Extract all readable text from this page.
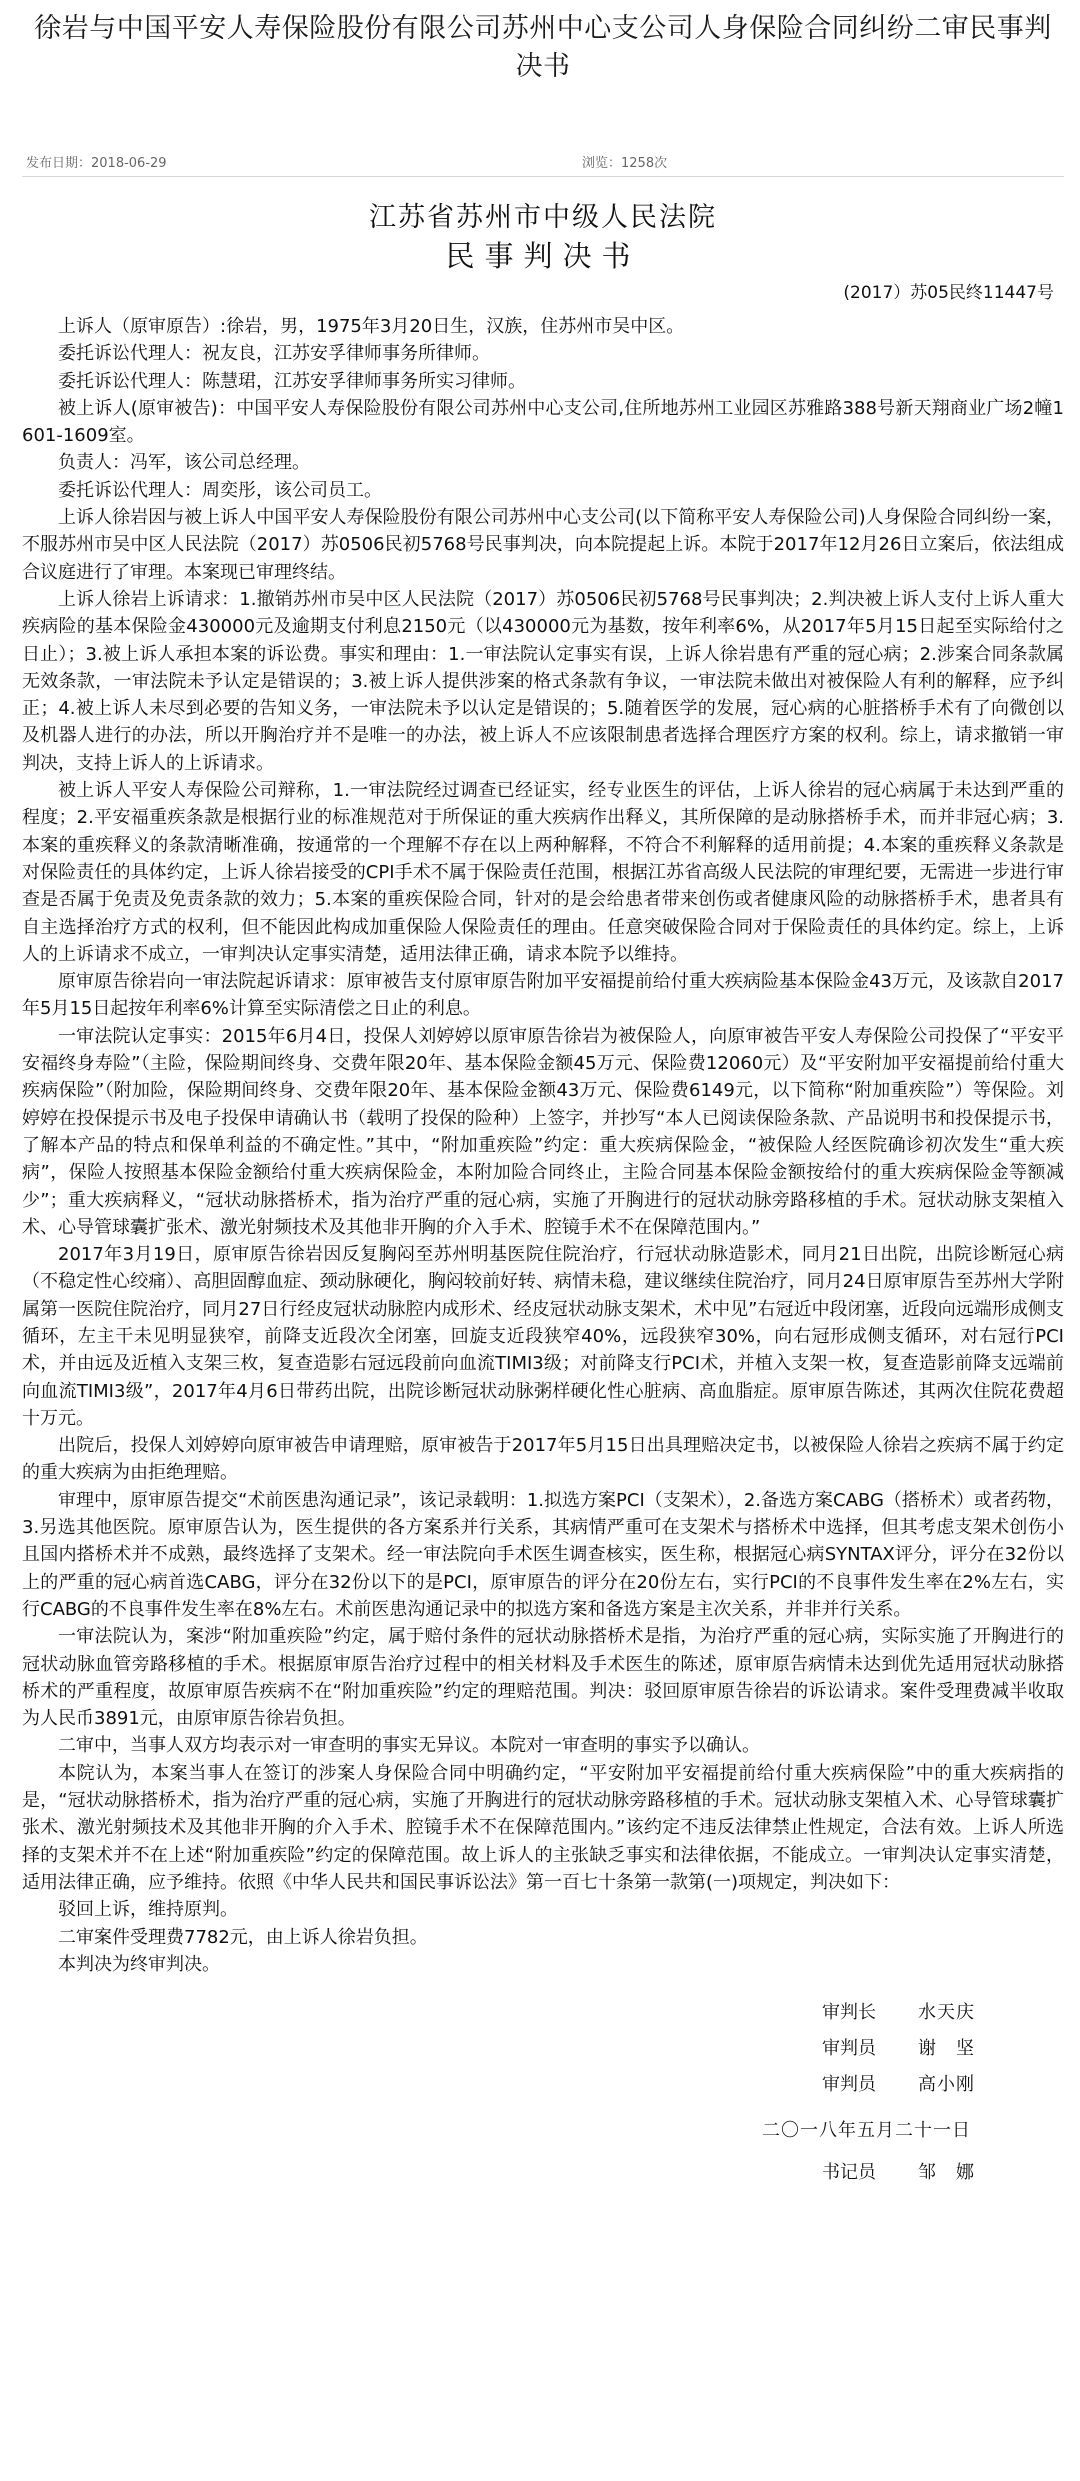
徐岩与中国平安人寿保险股份有限公司苏州中心支公司人身保险合同纠纷二审民事判决书
发布日期：2018-06-29	浏览：1258次
江苏省苏州市中级人民法院
民事判决书
(2017）苏05民终11447号

上诉人（原审原告）:徐岩，男，1975年3月20日生，汉族，住苏州市吴中区。

委托诉讼代理人：祝友良，江苏安孚律师事务所律师。

委托诉讼代理人：陈慧珺，江苏安孚律师事务所实习律师。

被上诉人(原审被告)：中国平安人寿保险股份有限公司苏州中心支公司,住所地苏州工业园区苏雅路388号新天翔商业广场2幢1601-1609室。

负责人：冯军，该公司总经理。

委托诉讼代理人：周奕彤，该公司员工。

上诉人徐岩因与被上诉人中国平安人寿保险股份有限公司苏州中心支公司(以下简称平安人寿保险公司)人身保险合同纠纷一案，不服苏州市吴中区人民法院（2017）苏0506民初5768号民事判决，向本院提起上诉。本院于2017年12月26日立案后，依法组成合议庭进行了审理。本案现已审理终结。

上诉人徐岩上诉请求：1.撤销苏州市吴中区人民法院（2017）苏0506民初5768号民事判决；2.判决被上诉人支付上诉人重大疾病险的基本保险金430000元及逾期支付利息2150元（以430000元为基数，按年利率6%，从2017年5月15日起至实际给付之日止）；3.被上诉人承担本案的诉讼费。事实和理由：1.一审法院认定事实有误，上诉人徐岩患有严重的冠心病；2.涉案合同条款属无效条款，一审法院未予认定是错误的；3.被上诉人提供涉案的格式条款有争议，一审法院未做出对被保险人有利的解释，应予纠正；4.被上诉人未尽到必要的告知义务，一审法院未予以认定是错误的；5.随着医学的发展，冠心病的心脏搭桥手术有了向微创以及机器人进行的办法，所以开胸治疗并不是唯一的办法，被上诉人不应该限制患者选择合理医疗方案的权利。综上，请求撤销一审判决，支持上诉人的上诉请求。

被上诉人平安人寿保险公司辩称，1.一审法院经过调查已经证实，经专业医生的评估，上诉人徐岩的冠心病属于未达到严重的程度；2.平安福重疾条款是根据行业的标准规范对于所保证的重大疾病作出释义，其所保障的是动脉搭桥手术，而并非冠心病；3.本案的重疾释义的条款清晰准确，按通常的一个理解不存在以上两种解释，不符合不利解释的适用前提；4.本案的重疾释义条款是对保险责任的具体约定，上诉人徐岩接受的CPI手术不属于保险责任范围，根据江苏省高级人民法院的审理纪要，无需进一步进行审查是否属于免责及免责条款的效力；5.本案的重疾保险合同，针对的是会给患者带来创伤或者健康风险的动脉搭桥手术，患者具有自主选择治疗方式的权利，但不能因此构成加重保险人保险责任的理由。任意突破保险合同对于保险责任的具体约定。综上，上诉人的上诉请求不成立，一审判决认定事实清楚，适用法律正确，请求本院予以维持。

原审原告徐岩向一审法院起诉请求：原审被告支付原审原告附加平安福提前给付重大疾病险基本保险金43万元，及该款自2017年5月15日起按年利率6%计算至实际清偿之日止的利息。

一审法院认定事实：2015年6月4日，投保人刘婷婷以原审原告徐岩为被保险人，向原审被告平安人寿保险公司投保了“平安平安福终身寿险”（主险，保险期间终身、交费年限20年、基本保险金额45万元、保险费12060元）及“平安附加平安福提前给付重大疾病保险”（附加险，保险期间终身、交费年限20年、基本保险金额43万元、保险费6149元，以下简称“附加重疾险”）等保险。刘婷婷在投保提示书及电子投保申请确认书（载明了投保的险种）上签字，并抄写“本人已阅读保险条款、产品说明书和投保提示书，了解本产品的特点和保单利益的不确定性。”其中，“附加重疾险”约定：重大疾病保险金，“被保险人经医院确诊初次发生“重大疾病”，保险人按照基本保险金额给付重大疾病保险金，本附加险合同终止，主险合同基本保险金额按给付的重大疾病保险金等额减少”；重大疾病释义，“冠状动脉搭桥术，指为治疗严重的冠心病，实施了开胸进行的冠状动脉旁路移植的手术。冠状动脉支架植入术、心导管球囊扩张术、激光射频技术及其他非开胸的介入手术、腔镜手术不在保障范围内。”

2017年3月19日，原审原告徐岩因反复胸闷至苏州明基医院住院治疗，行冠状动脉造影术，同月21日出院，出院诊断冠心病（不稳定性心绞痛）、高胆固醇血症、颈动脉硬化，胸闷较前好转、病情未稳，建议继续住院治疗，同月24日原审原告至苏州大学附属第一医院住院治疗，同月27日行经皮冠状动脉腔内成形术、经皮冠状动脉支架术，术中见”右冠近中段闭塞，近段向远端形成侧支循环，左主干未见明显狭窄，前降支近段次全闭塞，回旋支近段狭窄40%，远段狭窄30%，向右冠形成侧支循环，对右冠行PCI术，并由远及近植入支架三枚，复查造影右冠远段前向血流TIMI3级；对前降支行PCI术，并植入支架一枚，复查造影前降支远端前向血流TIMI3级”，2017年4月6日带药出院，出院诊断冠状动脉粥样硬化性心脏病、高血脂症。原审原告陈述，其两次住院花费超十万元。

出院后，投保人刘婷婷向原审被告申请理赔，原审被告于2017年5月15日出具理赔决定书，以被保险人徐岩之疾病不属于约定的重大疾病为由拒绝理赔。

审理中，原审原告提交“术前医患沟通记录”，该记录载明：1.拟选方案PCI（支架术），2.备选方案CABG（搭桥术）或者药物，3.另选其他医院。原审原告认为，医生提供的各方案系并行关系，其病情严重可在支架术与搭桥术中选择，但其考虑支架术创伤小且国内搭桥术并不成熟，最终选择了支架术。经一审法院向手术医生调查核实，医生称，根据冠心病SYNTAX评分，评分在32份以上的严重的冠心病首选CABG，评分在32份以下的是PCI，原审原告的评分在20份左右，实行PCI的不良事件发生率在2%左右，实行CABG的不良事件发生率在8%左右。术前医患沟通记录中的拟选方案和备选方案是主次关系，并非并行关系。

一审法院认为，案涉“附加重疾险”约定，属于赔付条件的冠状动脉搭桥术是指，为治疗严重的冠心病，实际实施了开胸进行的冠状动脉血管旁路移植的手术。根据原审原告治疗过程中的相关材料及手术医生的陈述，原审原告病情未达到优先适用冠状动脉搭桥术的严重程度，故原审原告疾病不在“附加重疾险”约定的理赔范围。判决：驳回原审原告徐岩的诉讼请求。案件受理费减半收取为人民币3891元，由原审原告徐岩负担。

二审中，当事人双方均表示对一审查明的事实无异议。本院对一审查明的事实予以确认。

本院认为，本案当事人在签订的涉案人身保险合同中明确约定，“平安附加平安福提前给付重大疾病保险”中的重大疾病指的是，“冠状动脉搭桥术，指为治疗严重的冠心病，实施了开胸进行的冠状动脉旁路移植的手术。冠状动脉支架植入术、心导管球囊扩张术、激光射频技术及其他非开胸的介入手术、腔镜手术不在保障范围内。”该约定不违反法律禁止性规定，合法有效。上诉人所选择的支架术并不在上述“附加重疾险”约定的保障范围。故上诉人的主张缺乏事实和法律依据，不能成立。一审判决认定事实清楚，适用法律正确，应予维持。依照《中华人民共和国民事诉讼法》第一百七十条第一款第(一)项规定，判决如下：

驳回上诉，维持原判。

二审案件受理费7782元，由上诉人徐岩负担。

本判决为终审判决。

审判长 水天庆
审判员 谢　坚
审判员 高小刚
二〇一八年五月二十一日
书记员 邹　娜
